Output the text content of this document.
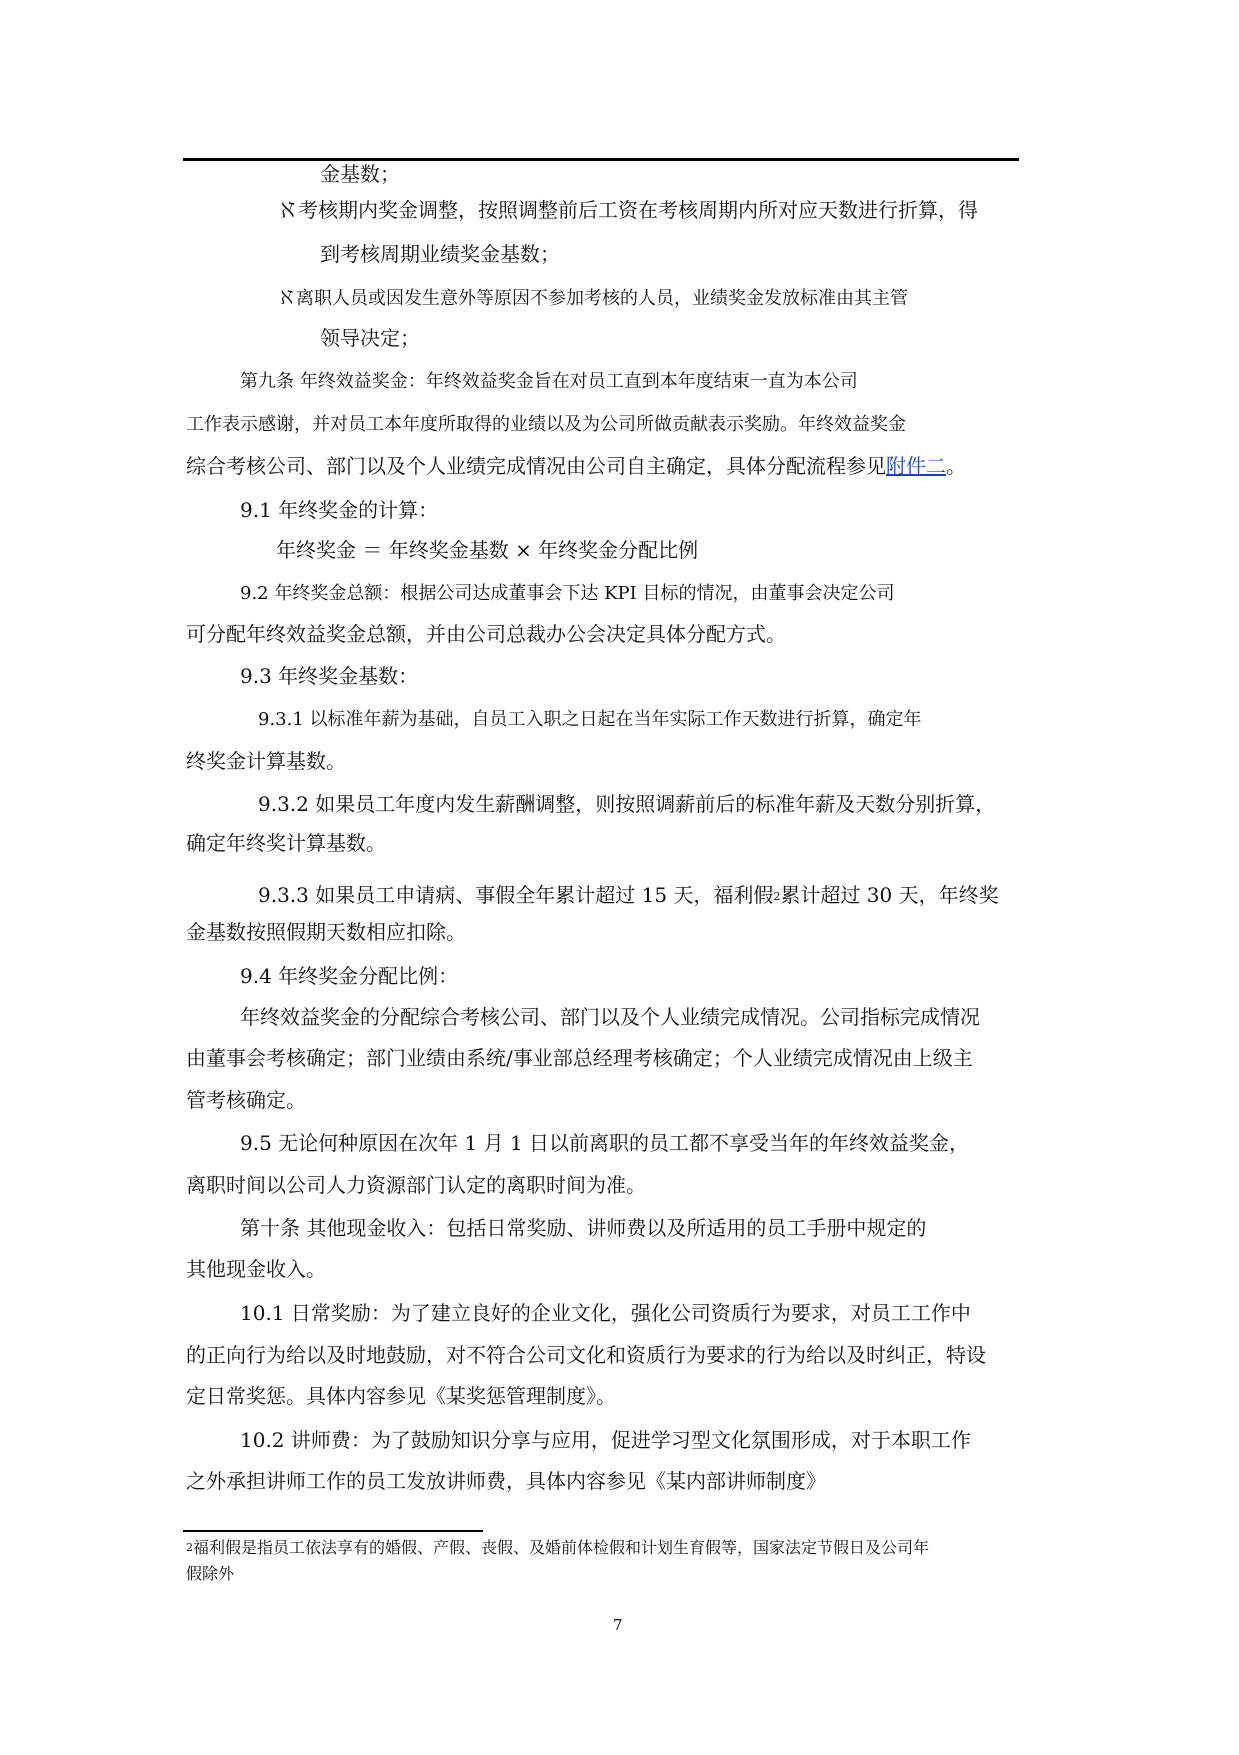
金基数；
ℵ考核期内奖金调整，按照调整前后工资在考核周期内所对应天数进行折算，得
到考核周期业绩奖金基数；
ℵ离职人员或因发生意外等原因不参加考核的人员，业绩奖金发放标准由其主管
领导决定；
第九条 年终效益奖金：年终效益奖金旨在对员工直到本年度结束一直为本公司
工作表示感谢，并对员工本年度所取得的业绩以及为公司所做贡献表示奖励。年终效益奖金
综合考核公司、部门以及个人业绩完成情况由公司自主确定，具体分配流程参见附件二。
9.1 年终奖金的计算：
年终奖金 ＝ 年终奖金基数 × 年终奖金分配比例
9.2 年终奖金总额：根据公司达成董事会下达 KPI 目标的情况，由董事会决定公司
可分配年终效益奖金总额，并由公司总裁办公会决定具体分配方式。
9.3 年终奖金基数：
9.3.1 以标准年薪为基础，自员工入职之日起在当年实际工作天数进行折算，确定年
终奖金计算基数。
9.3.2 如果员工年度内发生薪酬调整，则按照调薪前后的标准年薪及天数分别折算，
确定年终奖计算基数。
9.3.3 如果员工申请病、事假全年累计超过 15 天，福利假2累计超过 30 天，年终奖
金基数按照假期天数相应扣除。
9.4 年终奖金分配比例：
年终效益奖金的分配综合考核公司、部门以及个人业绩完成情况。公司指标完成情况
由董事会考核确定；部门业绩由系统/事业部总经理考核确定；个人业绩完成情况由上级主
管考核确定。
9.5 无论何种原因在次年 1 月 1 日以前离职的员工都不享受当年的年终效益奖金，
离职时间以公司人力资源部门认定的离职时间为准。
第十条 其他现金收入：包括日常奖励、讲师费以及所适用的员工手册中规定的
其他现金收入。
10.1 日常奖励：为了建立良好的企业文化，强化公司资质行为要求，对员工工作中
的正向行为给以及时地鼓励，对不符合公司文化和资质行为要求的行为给以及时纠正，特设
定日常奖惩。具体内容参见《某奖惩管理制度》。
10.2 讲师费：为了鼓励知识分享与应用，促进学习型文化氛围形成，对于本职工作
之外承担讲师工作的员工发放讲师费，具体内容参见《某内部讲师制度》
2福利假是指员工依法享有的婚假、产假、丧假、及婚前体检假和计划生育假等，国家法定节假日及公司年
假除外
7
